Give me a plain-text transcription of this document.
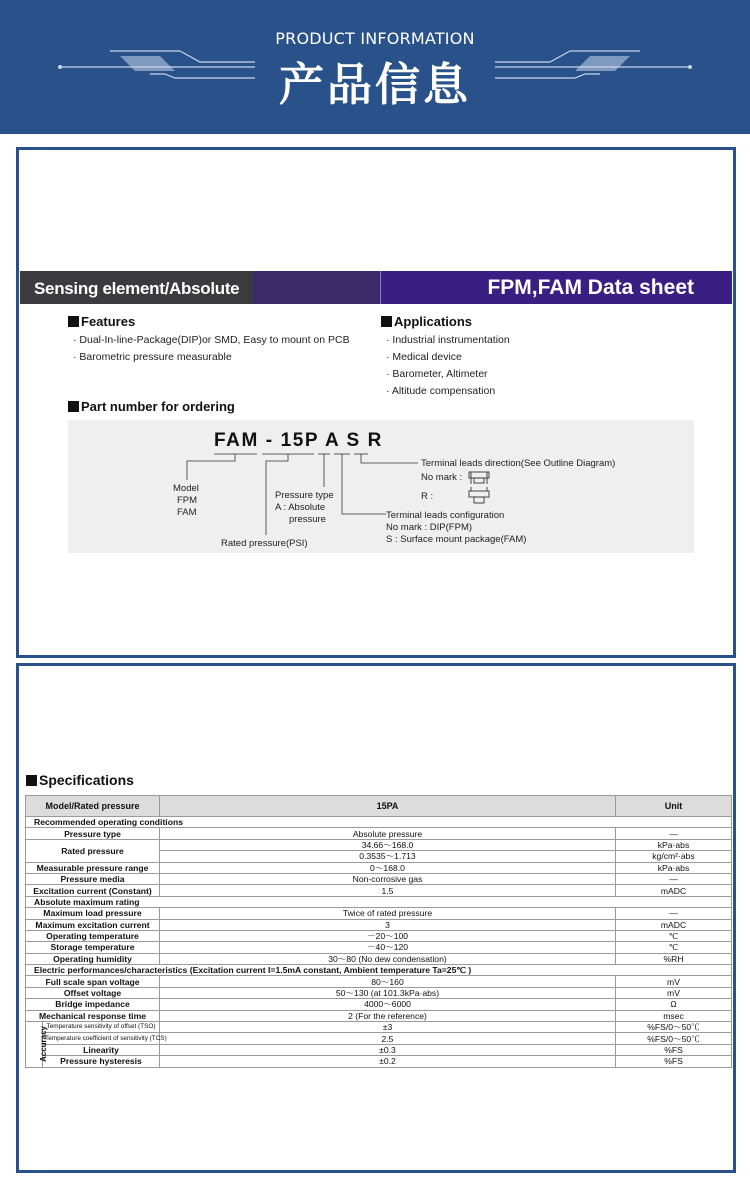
PRODUCT INFORMATION
产品信息
Sensing element/Absolute	FPM,FAM Data sheet
Features
· Dual-In-line-Package(DIP)or SMD, Easy to mount on PCB
· Barometric pressure measurable
Applications
· Industrial instrumentation
· Medical device
· Barometer, Altimeter
· Altitude compensation
Part number for ordering
FAM - 15P A S R
Terminal leads direction(See Outline Diagram)
No mark :
R :
Model
FPM
FAM
Pressure type
A : Absolute
pressure	Terminal leads configuration
No mark : DIP(FPM)
S : Surface mount package(FAM)
Rated pressure(PSI)
Specifications
Model/Rated pressure		15PA	Unit
Recommended operating conditions			
Pressure type		Absolute pressure	—
Rated pressure		34.66～168.0	kPa·abs
		0.3535～1.713	kg/cm²·abs
Measurable pressure range		0～168.0	kPa·abs
Pressure media		Non-corrosive gas	—
Excitation current (Constant)		1.5	mADC
Absolute maximum rating			
Maximum load pressure		Twice of rated pressure	—
Maximum excitation current		3	mADC
Operating temperature		－20～100	℃
Storage temperature		－40～120	℃
Operating humidity		30～80 (No dew condensation)	%RH
Electric performances/characteristics (Excitation current I=1.5mA constant, Ambient temperature Ta=25℃ )			
Full scale span voltage		80～160	mV
Offset voltage		50～130 (at 101.3kPa·abs)	mV
Bridge impedance		4000～6000	Ω
Mechanical response time		2 (For the reference)	msec
Accuracy	Temperature sensitivity of offset (TSO)	±3	%FS/0～50℃
	Temperature coefficient of sensitivity (TCS)	2.5	%FS/0～50℃
	Linearity	±0.3	%FS
	Pressure hysteresis	±0.2	%FS
